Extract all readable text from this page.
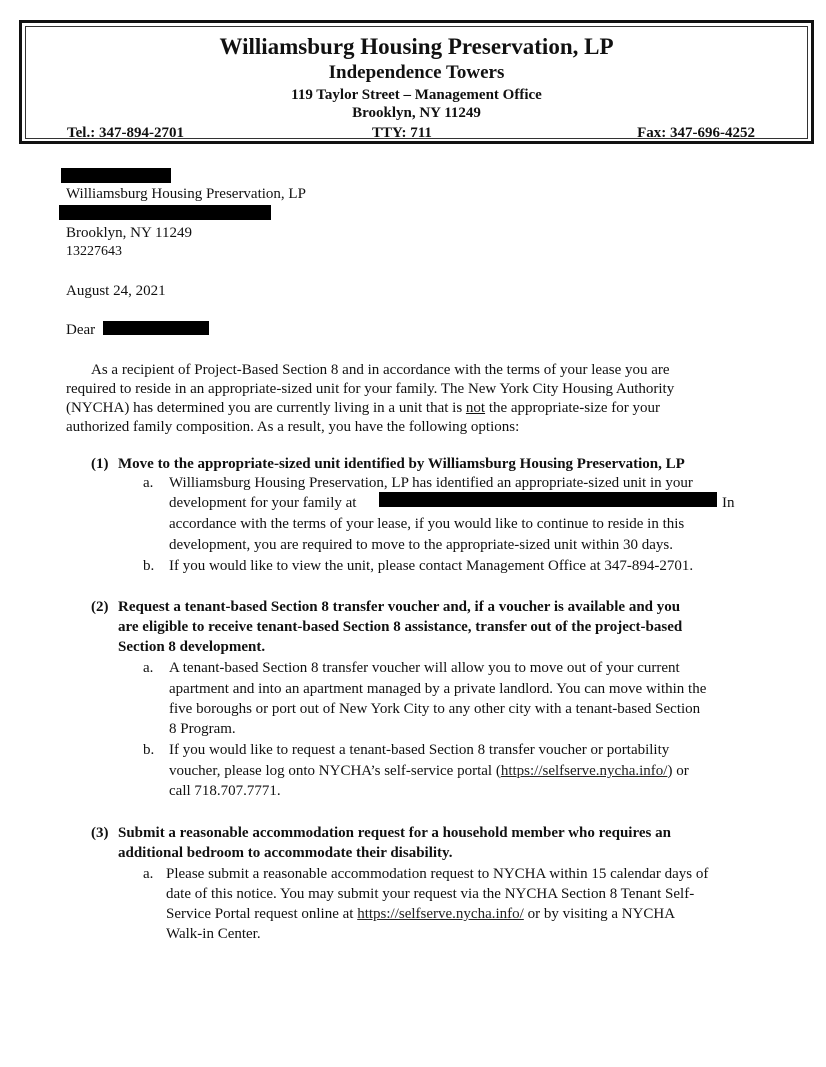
Williamsburg Housing Preservation, LP
Independence Towers
119 Taylor Street – Management Office
Brooklyn, NY 11249
Tel.: 347-894-2701	TTY: 711	Fax: 347-696-4252
Williamsburg Housing Preservation, LP
Brooklyn, NY 11249
13227643
August 24, 2021
Dear
As a recipient of Project-Based Section 8 and in accordance with the terms of your lease you are
required to reside in an appropriate-sized unit for your family. The New York City Housing Authority
(NYCHA) has determined you are currently living in a unit that is not the appropriate-size for your
authorized family composition. As a result, you have the following options:
(1) Move to the appropriate-sized unit identified by Williamsburg Housing Preservation, LP
a. Williamsburg Housing Preservation, LP has identified an appropriate-sized unit in your
development for your family at	In
accordance with the terms of your lease, if you would like to continue to reside in this
development, you are required to move to the appropriate-sized unit within 30 days.
b. If you would like to view the unit, please contact Management Office at 347-894-2701.
(2) Request a tenant-based Section 8 transfer voucher and, if a voucher is available and you
are eligible to receive tenant-based Section 8 assistance, transfer out of the project-based
Section 8 development.
a. A tenant-based Section 8 transfer voucher will allow you to move out of your current
apartment and into an apartment managed by a private landlord. You can move within the
five boroughs or port out of New York City to any other city with a tenant-based Section
8 Program.
b. If you would like to request a tenant-based Section 8 transfer voucher or portability
voucher, please log onto NYCHA’s self-service portal (https://selfserve.nycha.info/) or
call 718.707.7771.
(3) Submit a reasonable accommodation request for a household member who requires an
additional bedroom to accommodate their disability.
a. Please submit a reasonable accommodation request to NYCHA within 15 calendar days of
date of this notice. You may submit your request via the NYCHA Section 8 Tenant Self-
Service Portal request online at https://selfserve.nycha.info/ or by visiting a NYCHA
Walk-in Center.
